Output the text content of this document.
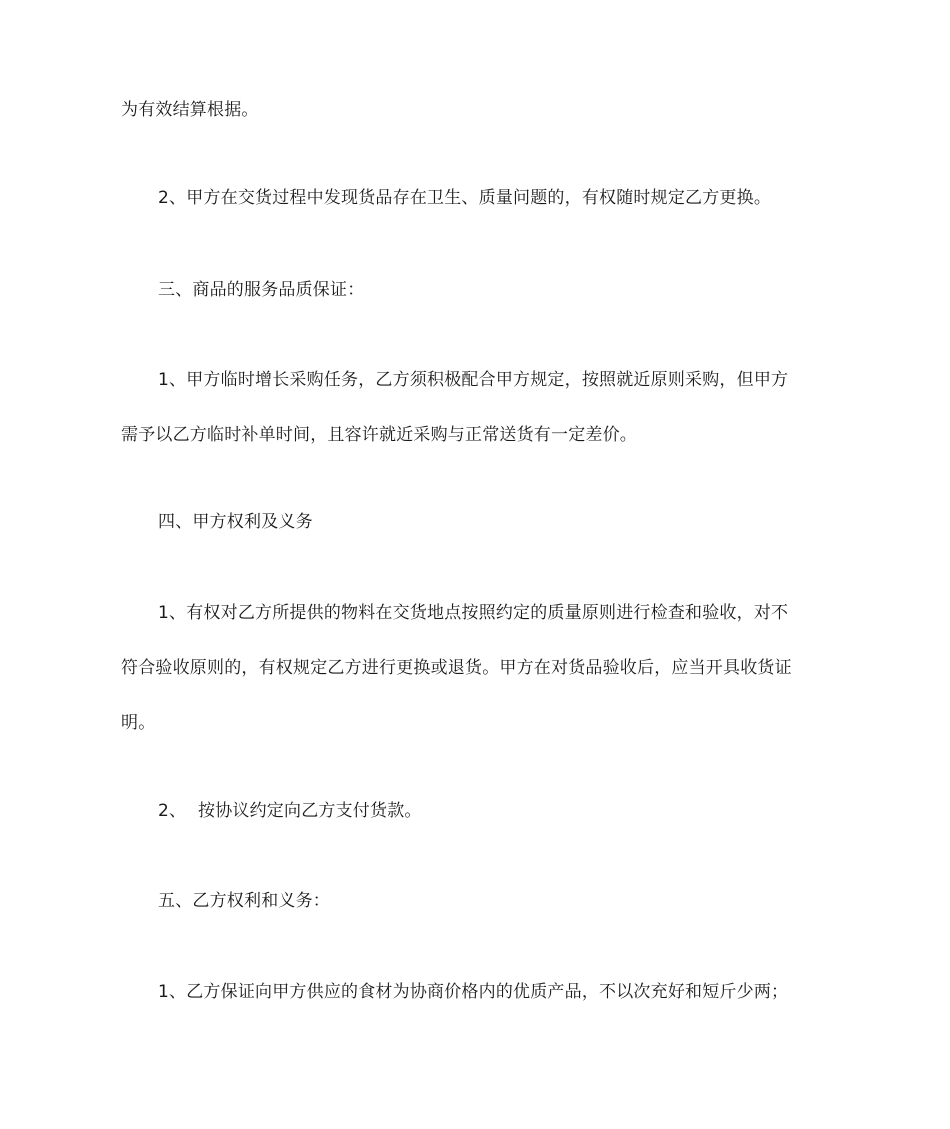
为有效结算根据。
2、甲方在交货过程中发现货品存在卫生、质量问题的，有权随时规定乙方更换。
三、商品的服务品质保证：
1、甲方临时增长采购任务，乙方须积极配合甲方规定，按照就近原则采购，但甲方
需予以乙方临时补单时间，且容许就近采购与正常送货有一定差价。
四、甲方权利及义务
1、有权对乙方所提供的物料在交货地点按照约定的质量原则进行检查和验收，对不
符合验收原则的，有权规定乙方进行更换或退货。甲方在对货品验收后，应当开具收货证
明。
2、 按协议约定向乙方支付货款。
五、乙方权利和义务：
1、乙方保证向甲方供应的食材为协商价格内的优质产品，不以次充好和短斤少两；
